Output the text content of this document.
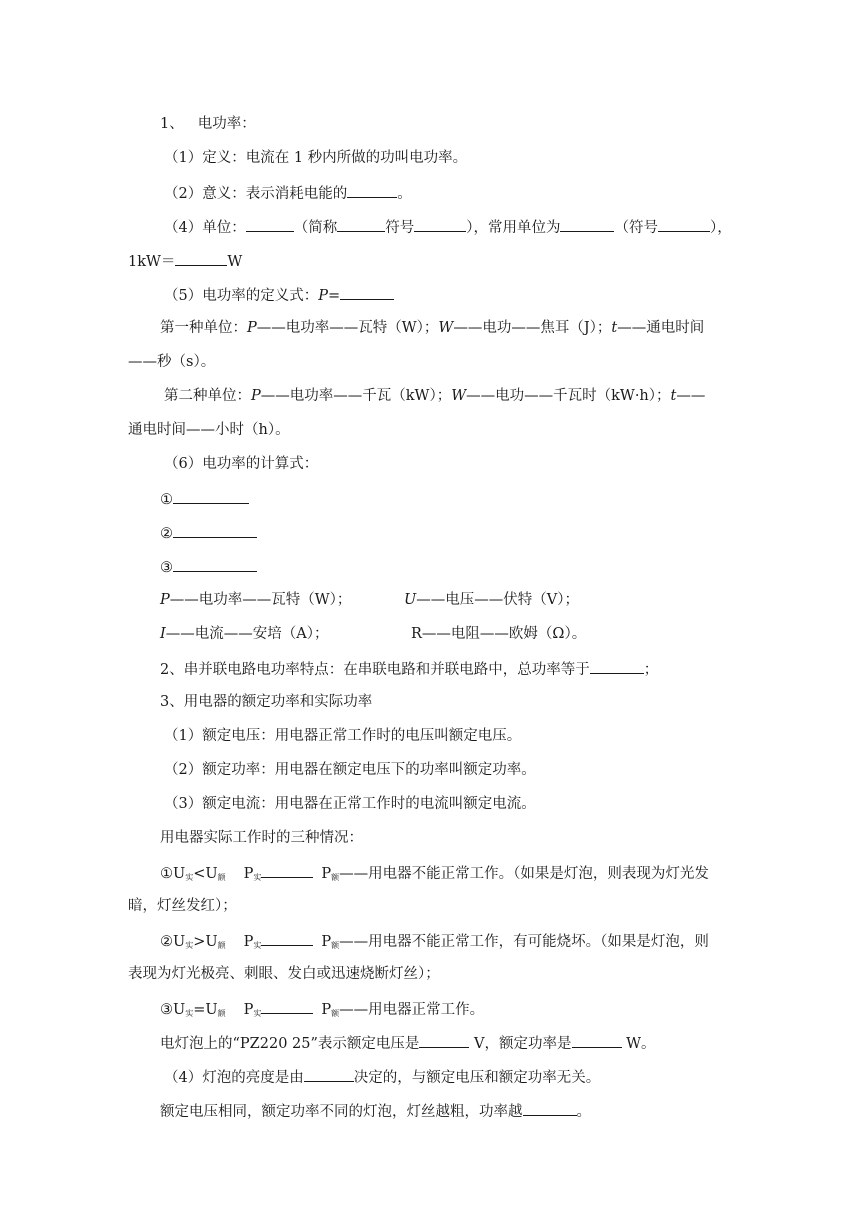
1、 电功率：
（1）定义：电流在 1 秒内所做的功叫电功率。
（2）意义：表示消耗电能的	。
（4）单位：	（简称	符号	），常用单位为	（符号	），
1kW＝	W
（5）电功率的定义式：P=
第一种单位：P——电功率——瓦特（W）；W——电功——焦耳（J）；t——通电时间
——秒（s）。
第二种单位：P——电功率——千瓦（kW）；W——电功——千瓦时（kW·h）；t——
通电时间——小时（h）。
（6）电功率的计算式：
①
②
③
P——电功率——瓦特（W）；	U——电压——伏特（V）；
I——电流——安培（A）；	R——电阻——欧姆（Ω）。
2、串并联电路电功率特点：在串联电路和并联电路中，总功率等于	；
3、用电器的额定功率和实际功率
（1）额定电压：用电器正常工作时的电压叫额定电压。
（2）额定功率：用电器在额定电压下的功率叫额定功率。
（3）额定电流：用电器在正常工作时的电流叫额定电流。
用电器实际工作时的三种情况：
$①U_实<U_额$ $P_实$	$P_额——$用电器不能正常工作。（如果是灯泡，则表现为灯光发
暗，灯丝发红）；
$②U_实>U_额$ $P_实$	$P_额——$用电器不能正常工作，有可能烧坏。（如果是灯泡，则
表现为灯光极亮、刺眼、发白或迅速烧断灯丝）；
$③U_实=U_额$ $P_实$	$P_额——$用电器正常工作。
电灯泡上的“PZ220 25”表示额定电压是	V，额定功率是	W。
（4）灯泡的亮度是由	决定的，与额定电压和额定功率无关。
额定电压相同，额定功率不同的灯泡，灯丝越粗，功率越	。
